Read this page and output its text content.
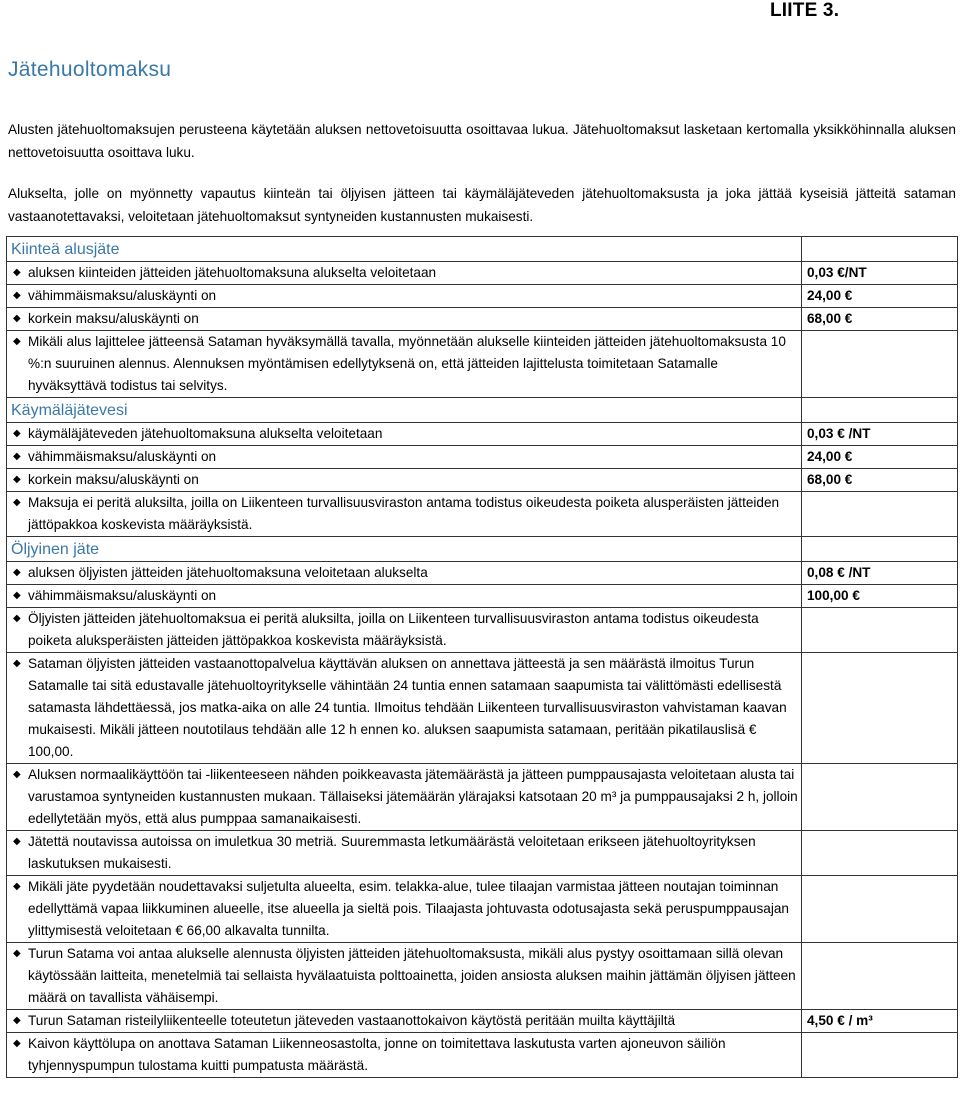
LIITE 3.
Jätehuoltomaksu

Alusten jätehuoltomaksujen perusteena käytetään aluksen nettovetoisuutta osoittavaa lukua. Jätehuoltomaksut lasketaan kertomalla yksikköhinnalla aluksen nettovetoisuutta osoittava luku.

Alukselta, jolle on myönnetty vapautus kiinteän tai öljyisen jätteen tai käymäläjäteveden jätehuoltomaksusta ja joka jättää kyseisiä jätteitä sataman vastaanotettavaksi, veloitetaan jätehuoltomaksut syntyneiden kustannusten mukaisesti.

Kiinteä alusjäte	

◆ aluksen kiinteiden jätteiden jätehuoltomaksuna alukselta veloitetaan	0,03 €/NT

◆ vähimmäismaksu/aluskäynti on	24,00 €

◆ korkein maksu/aluskäynti on	68,00 €

◆ Mikäli alus lajittelee jätteensä Sataman hyväksymällä tavalla, myönnetään alukselle kiinteiden jätteiden jätehuoltomaksusta 10 %:n suuruinen alennus. Alennuksen myöntämisen edellytyksenä on, että jätteiden lajittelusta toimitetaan Satamalle hyväksyttävä todistus tai selvitys.	

Käymäläjätevesi	

◆ käymäläjäteveden jätehuoltomaksuna alukselta veloitetaan	0,03 € /NT

◆ vähimmäismaksu/aluskäynti on	24,00 €

◆ korkein maksu/aluskäynti on	68,00 €

◆ Maksuja ei peritä aluksilta, joilla on Liikenteen turvallisuusviraston antama todistus oikeudesta poiketa alusperäisten jätteiden jättöpakkoa koskevista määräyksistä.	

Öljyinen jäte	

◆ aluksen öljyisten jätteiden jätehuoltomaksuna veloitetaan alukselta	0,08 € /NT

◆ vähimmäismaksu/aluskäynti on	100,00 €

◆ Öljyisten jätteiden jätehuoltomaksua ei peritä aluksilta, joilla on Liikenteen turvallisuusviraston antama todistus oikeudesta poiketa aluksperäisten jätteiden jättöpakkoa koskevista määräyksistä.	

◆ Sataman öljyisten jätteiden vastaanottopalvelua käyttävän aluksen on annettava jätteestä ja sen määrästä ilmoitus Turun Satamalle tai sitä edustavalle jätehuoltoyritykselle vähintään 24 tuntia ennen satamaan saapumista tai välittömästi edellisestä satamasta lähdettäessä, jos matka-aika on alle 24 tuntia. Ilmoitus tehdään Liikenteen turvallisuusviraston vahvistaman kaavan mukaisesti. Mikäli jätteen noutotilaus tehdään alle 12 h ennen ko. aluksen saapumista satamaan, peritään pikatilauslisä € 100,00.	

◆ Aluksen normaalikäyttöön tai -liikenteeseen nähden poikkeavasta jätemäärästä ja jätteen pumppausajasta veloitetaan alusta tai varustamoa syntyneiden kustannusten mukaan. Tällaiseksi jätemäärän ylärajaksi katsotaan 20 m³ ja pumppausajaksi 2 h, jolloin edellytetään myös, että alus pumppaa samanaikaisesti.	

◆ Jätettä noutavissa autoissa on imuletkua 30 metriä. Suuremmasta letkumäärästä veloitetaan erikseen jätehuoltoyrityksen laskutuksen mukaisesti.	

◆ Mikäli jäte pyydetään noudettavaksi suljetulta alueelta, esim. telakka-alue, tulee tilaajan varmistaa jätteen noutajan toiminnan edellyttämä vapaa liikkuminen alueelle, itse alueella ja sieltä pois. Tilaajasta johtuvasta odotusajasta sekä peruspumppausajan ylittymisestä veloitetaan € 66,00 alkavalta tunnilta.	

◆ Turun Satama voi antaa alukselle alennusta öljyisten jätteiden jätehuoltomaksusta, mikäli alus pystyy osoittamaan sillä olevan käytössään laitteita, menetelmiä tai sellaista hyvälaatuista polttoainetta, joiden ansiosta aluksen maihin jättämän öljyisen jätteen määrä on tavallista vähäisempi.	

◆ Turun Sataman risteilyliikenteelle toteutetun jäteveden vastaanottokaivon käytöstä peritään muilta käyttäjiltä	4,50 € / m³

◆ Kaivon käyttölupa on anottava Sataman Liikenneosastolta, jonne on toimitettava laskutusta varten ajoneuvon säiliön tyhjennyspumpun tulostama kuitti pumpatusta määrästä.	
